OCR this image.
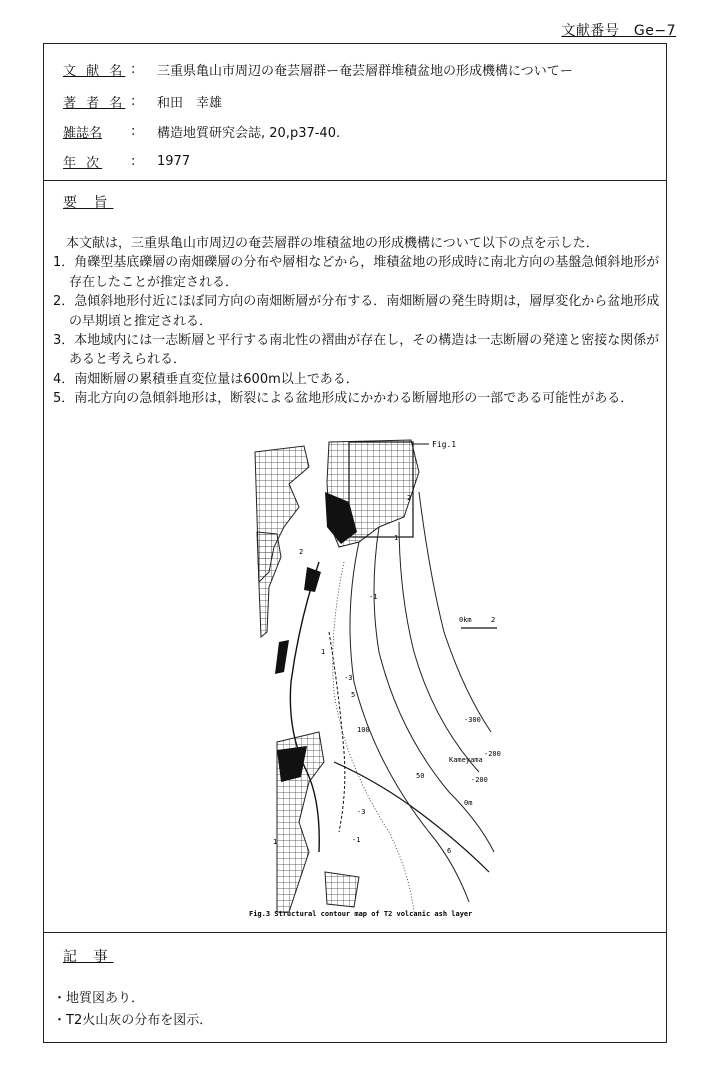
文献番号　Ge−7
文 献 名 :	三重県亀山市周辺の奄芸層群ー奄芸層群堆積盆地の形成機構についてー
著 者 名 :	和田　幸雄
雑誌名	:	構造地質研究会誌, 20,p37-40.
年 次	:	1977
要 旨

本文献は，三重県亀山市周辺の奄芸層群の堆積盆地の形成機構について以下の点を示した．

1．角礫型基底礫層の南畑礫層の分布や層相などから，堆積盆地の形成時に南北方向の基盤急傾斜地形が存在したことが推定される．

2．急傾斜地形付近にほぼ同方向の南畑断層が分布する．南畑断層の発生時期は，層厚変化から盆地形成の早期頃と推定される．

3．本地域内には一志断層と平行する南北性の褶曲が存在し，その構造は一志断層の発達と密接な関係があると考えられる．

4．南畑断層の累積垂直変位量は600m以上である．

5．南北方向の急傾斜地形は，断裂による盆地形成にかかわる断層地形の一部である可能性がある．

Fig.1
0km	2
Kameyama
-300
-200
-200
50
0m
100
2
1
1
2
-3
5
-1
-3
6
-1
1
Fig.3 Structural contour map of T2 volcanic ash layer
記 事
・地質図あり．
・T2火山灰の分布を図示．
